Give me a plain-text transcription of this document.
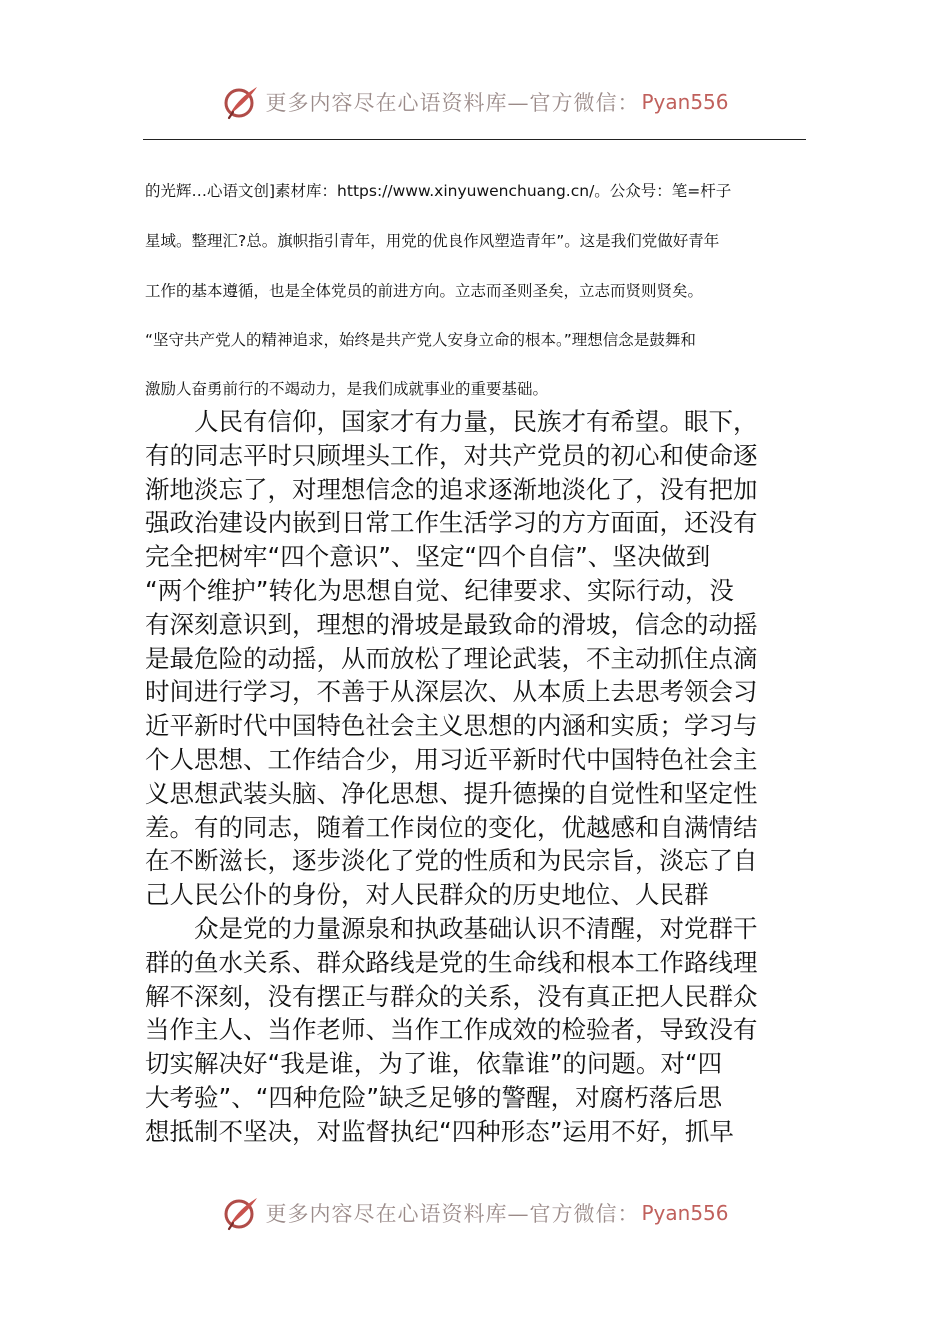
更多内容尽在心语资料库—官方微信： Pyan556
的光辉…心语文创]素材库：https://www.xinyuwenchuang.cn/。公众号：笔=杆子
星域。整理汇?总。旗帜指引青年，用党的优良作风塑造青年”。这是我们党做好青年
工作的基本遵循，也是全体党员的前进方向。立志而圣则圣矣，立志而贤则贤矣。
“坚守共产党人的精神追求，始终是共产党人安身立命的根本。”理想信念是鼓舞和
激励人奋勇前行的不竭动力，是我们成就事业的重要基础。
　　人民有信仰，国家才有力量，民族才有希望。眼下，
有的同志平时只顾埋头工作，对共产党员的初心和使命逐
渐地淡忘了，对理想信念的追求逐渐地淡化了，没有把加
强政治建设内嵌到日常工作生活学习的方方面面，还没有
完全把树牢“四个意识”、坚定“四个自信”、坚决做到
“两个维护”转化为思想自觉、纪律要求、实际行动，没
有深刻意识到，理想的滑坡是最致命的滑坡，信念的动摇
是最危险的动摇，从而放松了理论武装，不主动抓住点滴
时间进行学习，不善于从深层次、从本质上去思考领会习
近平新时代中国特色社会主义思想的内涵和实质；学习与
个人思想、工作结合少，用习近平新时代中国特色社会主
义思想武装头脑、净化思想、提升德操的自觉性和坚定性
差。有的同志，随着工作岗位的变化，优越感和自满情结
在不断滋长，逐步淡化了党的性质和为民宗旨，淡忘了自
己人民公仆的身份，对人民群众的历史地位、人民群
　　众是党的力量源泉和执政基础认识不清醒，对党群干
群的鱼水关系、群众路线是党的生命线和根本工作路线理
解不深刻，没有摆正与群众的关系，没有真正把人民群众
当作主人、当作老师、当作工作成效的检验者，导致没有
切实解决好“我是谁，为了谁，依靠谁”的问题。对“四
大考验”、“四种危险”缺乏足够的警醒，对腐朽落后思
想抵制不坚决，对监督执纪“四种形态”运用不好，抓早
更多内容尽在心语资料库—官方微信： Pyan556
